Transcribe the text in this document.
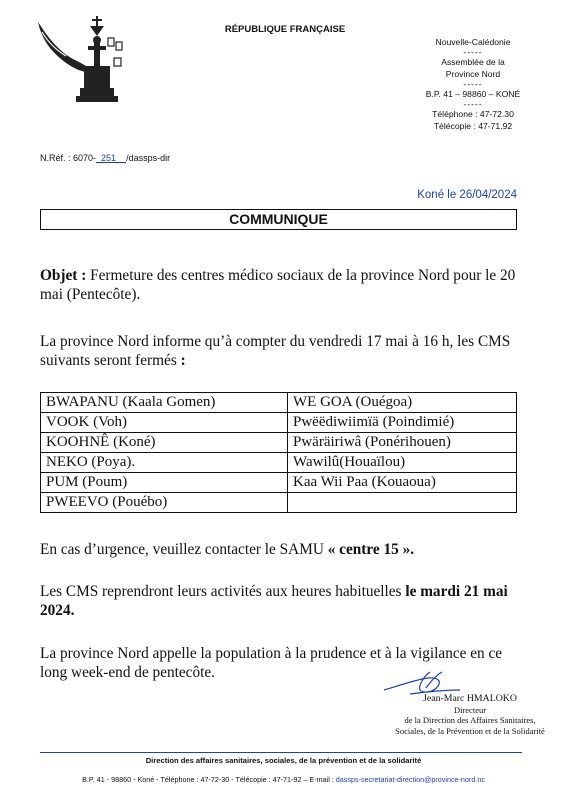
B
RÉPUBLIQUE FRANÇAISE
Nouvelle-Calédonie
-----
Assemblée de la
Province Nord
-----
B.P. 41 – 98860 – KONÉ
-----
Téléphone : 47-72.30
Télécopie : 47-71.92
N.Réf. : 6070-_251__/dassps-dir
Koné le 26/04/2024
COMMUNIQUE
Objet : Fermeture des centres médico sociaux de la province Nord pour le 20 mai (Pentecôte).
La province Nord informe qu’à compter du vendredi 17 mai à 16 h, les CMS suivants seront fermés :
BWAPANU (Kaala Gomen)	WE GOA (Ouégoa)
VOOK (Voh)	Pwëëdiwiimïä (Poindimié)
KOOHNÊ (Koné)	Pwäräiriwâ (Ponérihouen)
NEKO (Poya).	Wawilû(Houaïlou)
PUM (Poum)	Kaa Wii Paa (Kouaoua)
PWEEVO (Pouébo)	
En cas d’urgence, veuillez contacter le SAMU « centre 15 ».
Les CMS reprendront leurs activités aux heures habituelles le mardi 21 mai 2024.
La province Nord appelle la population à la prudence et à la vigilance en ce long week-end de pentecôte.
Jean-Marc HMALOKO
Directeur
de la Direction des Affaires Sanitaires,
Sociales, de la Prévention et de la Solidarité
Direction des affaires sanitaires, sociales, de la prévention et de la solidarité
B.P. 41 - 98860 - Koné - Téléphone : 47-72-30 - Télécopie : 47-71-92 – E-mail : dassps-secretariat-direction@province-nord.nc
